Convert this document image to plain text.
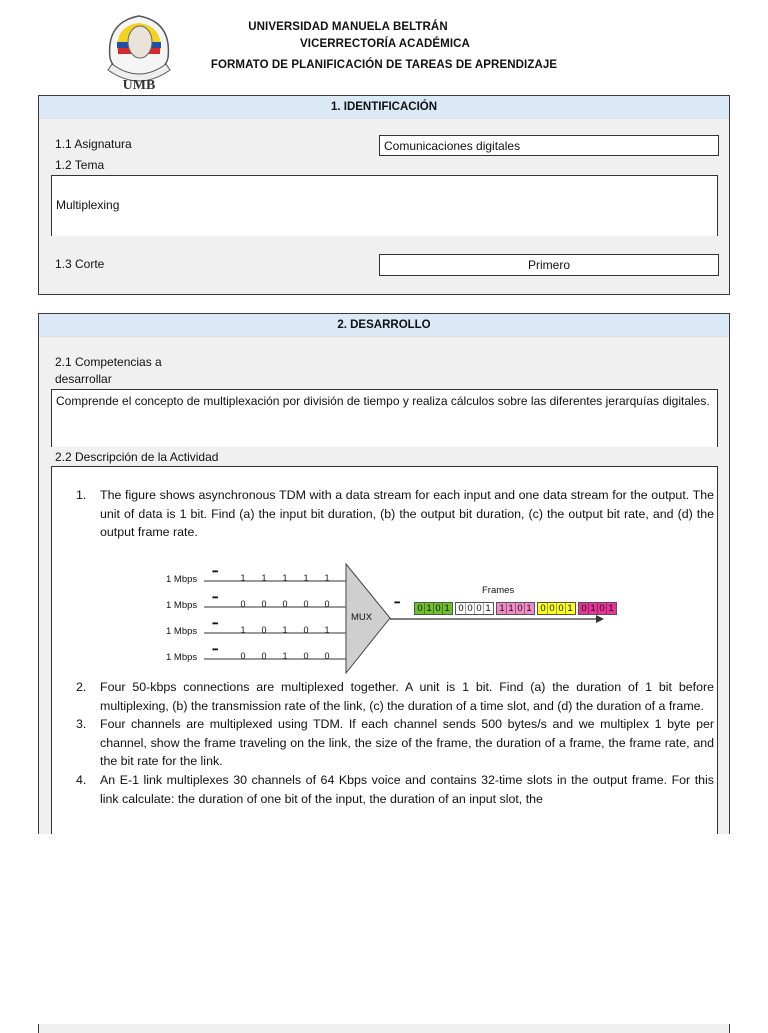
UMB
UNIVERSIDAD MANUELA BELTRÁN
VICERRECTORÍA ACADÉMICA
FORMATO DE PLANIFICACIÓN DE TAREAS DE APRENDIZAJE
1. IDENTIFICACIÓN
1.1 Asignatura	Comunicaciones digitales
1.2 Tema
Multiplexing
1.3 Corte	Primero
2. DESARROLLO
2.1 Competencias a
desarrollar
Comprende el concepto de multiplexación por división de tiempo y realiza cálculos sobre las diferentes jerarquías digitales.
2.2 Descripción de la Actividad
1. The figure shows asynchronous TDM with a data stream for each input and one data stream for the output. The unit of data is 1 bit. Find (a) the input bit duration, (b) the output bit duration, (c) the output bit rate, and (d) the output frame rate.
MUX
1 Mbps
1 Mbps
1 Mbps
1 Mbps
•••
•••
•••
•••
1 1 1 1 1
0 0 0 0 0
1 0 1 0 1
0 0 1 0 0
Frames
•••
0 1 0 1 0 0 0 1 1 1 0 1 0 0 0 1 0 1 0 1
2. Four 50-kbps connections are multiplexed together. A unit is 1 bit. Find (a) the duration of 1 bit before multiplexing, (b) the transmission rate of the link, (c) the duration of a time slot, and (d) the duration of a frame.
3. Four channels are multiplexed using TDM. If each channel sends 500 bytes/s and we multiplex 1 byte per channel, show the frame traveling on the link, the size of the frame, the duration of a frame, the frame rate, and the bit rate for the link.
4. An E-1 link multiplexes 30 channels of 64 Kbps voice and contains 32-time slots in the output frame. For this link calculate: the duration of one bit of the input, the duration of an input slot, the
